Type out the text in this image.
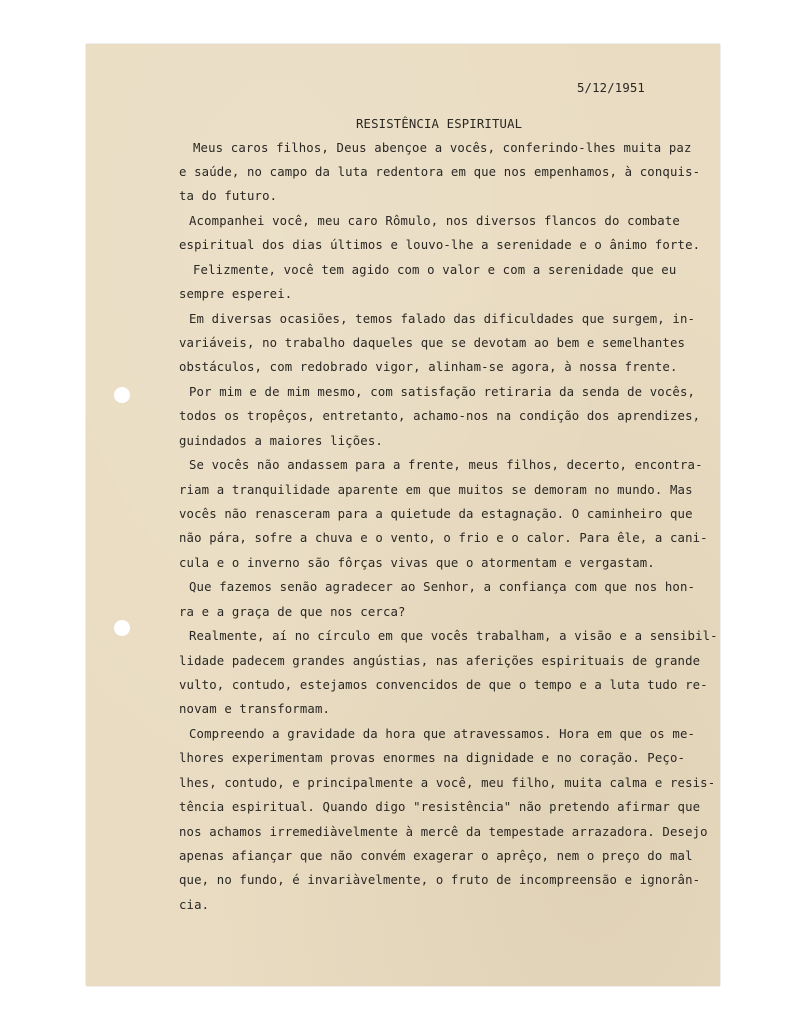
5/12/1951
RESISTÊNCIA ESPIRITUAL
Meus caros filhos, Deus abençoe a vocês, conferindo-lhes muita paz
e saúde, no campo da luta redentora em que nos empenhamos, à conquis-
ta do futuro.
Acompanhei você, meu caro Rômulo, nos diversos flancos do combate
espiritual dos dias últimos e louvo-lhe a serenidade e o ânimo forte.
Felizmente, você tem agido com o valor e com a serenidade que eu
sempre esperei.
Em diversas ocasiões, temos falado das dificuldades que surgem, in-
variáveis, no trabalho daqueles que se devotam ao bem e semelhantes
obstáculos, com redobrado vigor, alinham-se agora, à nossa frente.
Por mim e de mim mesmo, com satisfação retiraria da senda de vocês,
todos os tropêços, entretanto, achamo-nos na condição dos aprendizes,
guindados a maiores lições.
Se vocês não andassem para a frente, meus filhos, decerto, encontra-
riam a tranquilidade aparente em que muitos se demoram no mundo. Mas
vocês não renasceram para a quietude da estagnação. O caminheiro que
não pára, sofre a chuva e o vento, o frio e o calor. Para êle, a cani-
cula e o inverno são fôrças vivas que o atormentam e vergastam.
Que fazemos senão agradecer ao Senhor, a confiança com que nos hon-
ra e a graça de que nos cerca?
Realmente, aí no círculo em que vocês trabalham, a visão e a sensibil-
lidade padecem grandes angústias, nas aferições espirituais de grande
vulto, contudo, estejamos convencidos de que o tempo e a luta tudo re-
novam e transformam.
Compreendo a gravidade da hora que atravessamos. Hora em que os me-
lhores experimentam provas enormes na dignidade e no coração. Peço-
lhes, contudo, e principalmente a você, meu filho, muita calma e resis-
tência espiritual. Quando digo "resistência" não pretendo afirmar que
nos achamos irremediàvelmente à mercê da tempestade arrazadora. Desejo
apenas afiançar que não convém exagerar o aprêço, nem o preço do mal
que, no fundo, é invariàvelmente, o fruto de incompreensão e ignorân-
cia.
